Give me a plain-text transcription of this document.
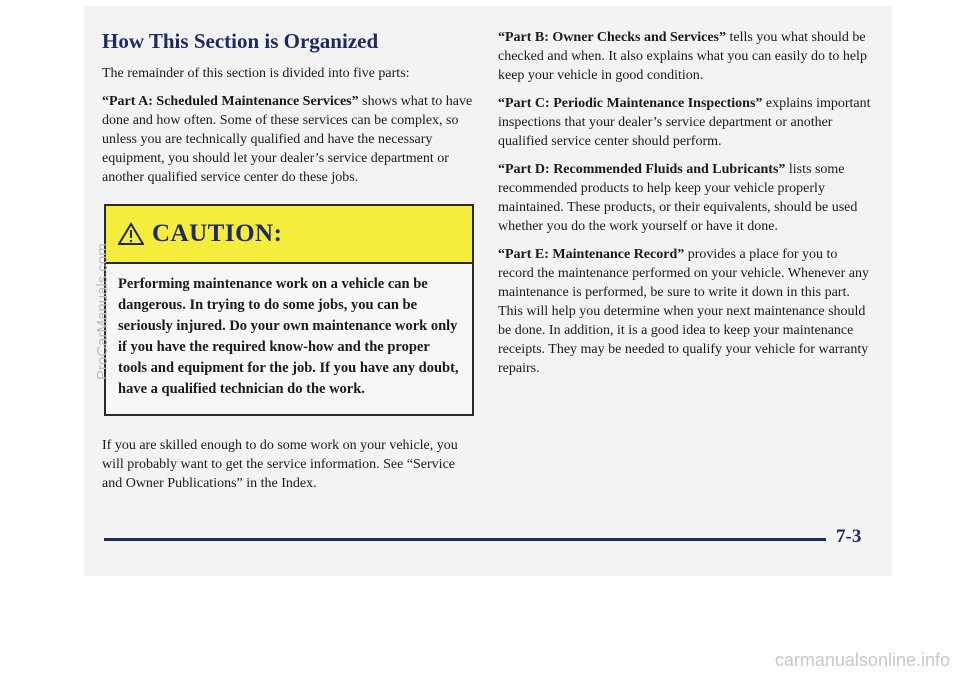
How This Section is Organized

The remainder of this section is divided into five parts:

“Part A: Scheduled Maintenance Services” shows what to have done and how often. Some of these services can be complex, so unless you are technically qualified and have the necessary equipment, you should let your dealer’s service department or another qualified service center do these jobs.

CAUTION:
Performing maintenance work on a vehicle can be dangerous. In trying to do some jobs, you can be seriously injured. Do your own maintenance work only if you have the required know-how and the proper tools and equipment for the job. If you have any doubt, have a qualified technician do the work.

If you are skilled enough to do some work on your vehicle, you will probably want to get the service information. See “Service and Owner Publications” in the Index.

“Part B: Owner Checks and Services” tells you what should be checked and when. It also explains what you can easily do to help keep your vehicle in good condition.

“Part C: Periodic Maintenance Inspections” explains important inspections that your dealer’s service department or another qualified service center should perform.

“Part D: Recommended Fluids and Lubricants” lists some recommended products to help keep your vehicle properly maintained. These products, or their equivalents, should be used whether you do the work yourself or have it done.

“Part E: Maintenance Record” provides a place for you to record the maintenance performed on your vehicle. Whenever any maintenance is performed, be sure to write it down in this part. This will help you determine when your next maintenance should be done. In addition, it is a good idea to keep your maintenance receipts. They may be needed to qualify your vehicle for warranty repairs.

7-3
ProCarManuals.com
carmanualsonline.info
